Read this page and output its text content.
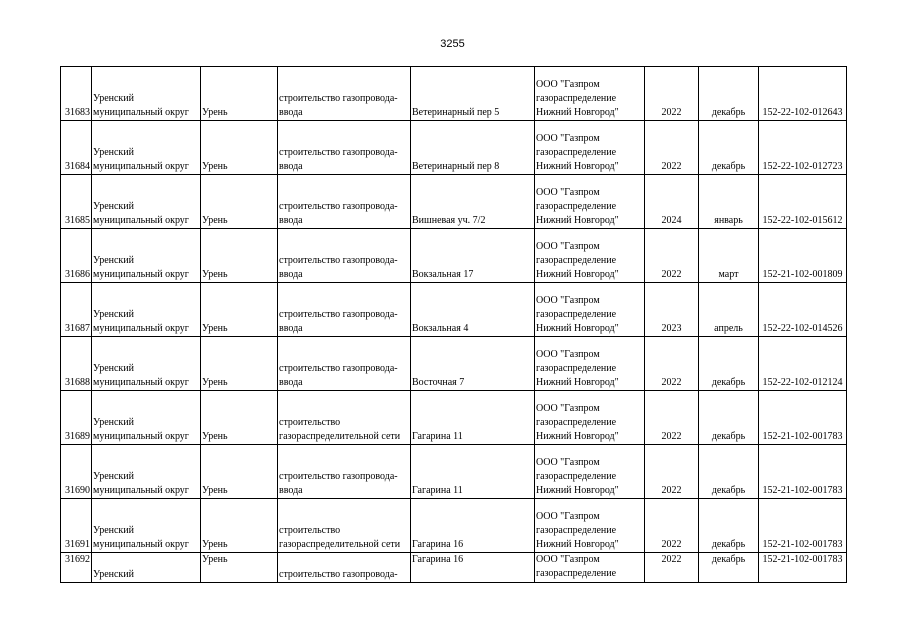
3255
31683	Уренский
муниципальный округ	Урень	строительство газопровода-
ввода	Ветеринарный пер 5	ООО "Газпром
газораспределение
Нижний Новгород"	2022	декабрь	152-22-102-012643

31684	Уренский
муниципальный округ	Урень	строительство газопровода-
ввода	Ветеринарный пер 8	ООО "Газпром
газораспределение
Нижний Новгород"	2022	декабрь	152-22-102-012723

31685	Уренский
муниципальный округ	Урень	строительство газопровода-
ввода	Вишневая уч. 7/2	ООО "Газпром
газораспределение
Нижний Новгород"	2024	январь	152-22-102-015612

31686	Уренский
муниципальный округ	Урень	строительство газопровода-
ввода	Вокзальная 17	ООО "Газпром
газораспределение
Нижний Новгород"	2022	март	152-21-102-001809

31687	Уренский
муниципальный округ	Урень	строительство газопровода-
ввода	Вокзальная 4	ООО "Газпром
газораспределение
Нижний Новгород"	2023	апрель	152-22-102-014526

31688	Уренский
муниципальный округ	Урень	строительство газопровода-
ввода	Восточная 7	ООО "Газпром
газораспределение
Нижний Новгород"	2022	декабрь	152-22-102-012124

31689	Уренский
муниципальный округ	Урень	строительство
газораспределительной сети	Гагарина 11	ООО "Газпром
газораспределение
Нижний Новгород"	2022	декабрь	152-21-102-001783

31690	Уренский
муниципальный округ	Урень	строительство газопровода-
ввода	Гагарина 11	ООО "Газпром
газораспределение
Нижний Новгород"	2022	декабрь	152-21-102-001783

31691	Уренский
муниципальный округ	Урень	строительство
газораспределительной сети	Гагарина 16	ООО "Газпром
газораспределение
Нижний Новгород"	2022	декабрь	152-21-102-001783

31692	Уренский	Урень	строительство газопровода-	Гагарина 16	ООО "Газпром
газораспределение	2022	декабрь	152-21-102-001783
